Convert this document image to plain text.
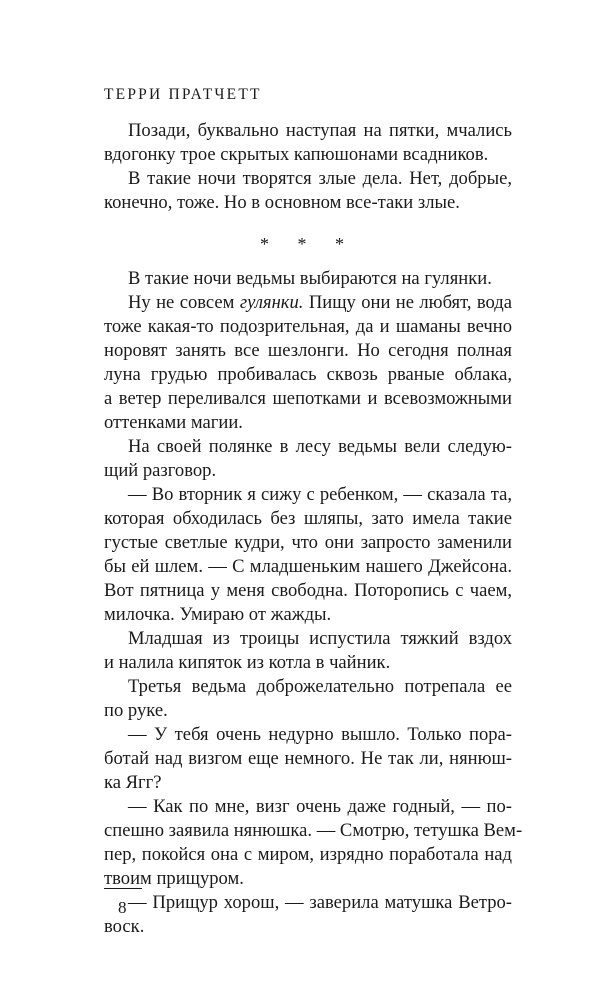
ТЕРРИ ПРАТЧЕТТ
Позади, буквально наступая на пятки, мчались
вдогонку трое скрытых капюшонами всадников.
В такие ночи творятся злые дела. Нет, добрые,
конечно, тоже. Но в основном все-таки злые.
* * *
В такие ночи ведьмы выбираются на гулянки.
Ну не совсем гулянки. Пищу они не любят, вода
тоже какая-то подозрительная, да и шаманы вечно
норовят занять все шезлонги. Но сегодня полная
луна грудью пробивалась сквозь рваные облака,
а ветер переливался шепотками и всевозможными
оттенками магии.
На своей полянке в лесу ведьмы вели следую-
щий разговор.
— Во вторник я сижу с ребенком, — сказала та,
которая обходилась без шляпы, зато имела такие
густые светлые кудри, что они запросто заменили
бы ей шлем. — С младшеньким нашего Джейсона.
Вот пятница у меня свободна. Поторопись с чаем,
милочка. Умираю от жажды.
Младшая из троицы испустила тяжкий вздох
и налила кипяток из котла в чайник.
Третья ведьма доброжелательно потрепала ее
по руке.
— У тебя очень недурно вышло. Только пора-
ботай над визгом еще немного. Не так ли, нянюш-
ка Ягг?
— Как по мне, визг очень даже годный, — по-
спешно заявила нянюшка. — Смотрю, тетушка Вем-
пер, покойся она с миром, изрядно поработала над
твоим прищуром.
— Прищур хорош, — заверила матушка Ветро-
воск.
8
